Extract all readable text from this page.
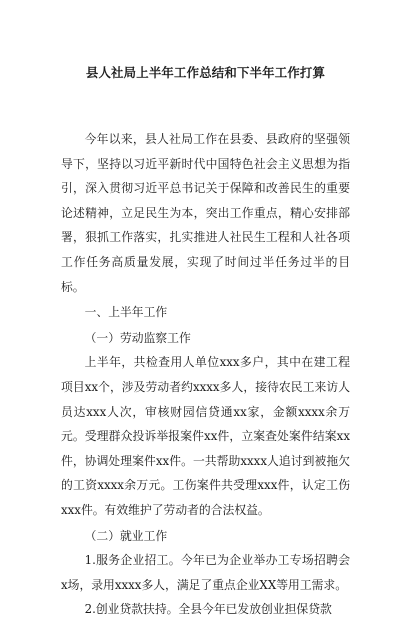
县人社局上半年工作总结和下半年工作打算

今年以来，县人社局工作在县委、县政府的坚强领导下，坚持以习近平新时代中国特色社会主义思想为指引，深入贯彻习近平总书记关于保障和改善民生的重要论述精神，立足民生为本，突出工作重点，精心安排部署，狠抓工作落实，扎实推进人社民生工程和人社各项工作任务高质量发展，实现了时间过半任务过半的目标。

一、上半年工作

（一）劳动监察工作

上半年，共检查用人单位xxx多户，其中在建工程项目xx个，涉及劳动者约xxxx多人，接待农民工来访人员达xxx人次，审核财园信贷通xx家，金额xxxx余万元。受理群众投诉举报案件xx件，立案查处案件结案xx件，协调处理案件xx件。一共帮助xxxx人追讨到被拖欠的工资xxxx余万元。工伤案件共受理xxx件，认定工伤xxx件。有效维护了劳动者的合法权益。

（二）就业工作

1.服务企业招工。今年已为企业举办工专场招聘会x场，录用xxxx多人，满足了重点企业XX等用工需求。

2.创业贷款扶持。全县今年已发放创业担保贷款
